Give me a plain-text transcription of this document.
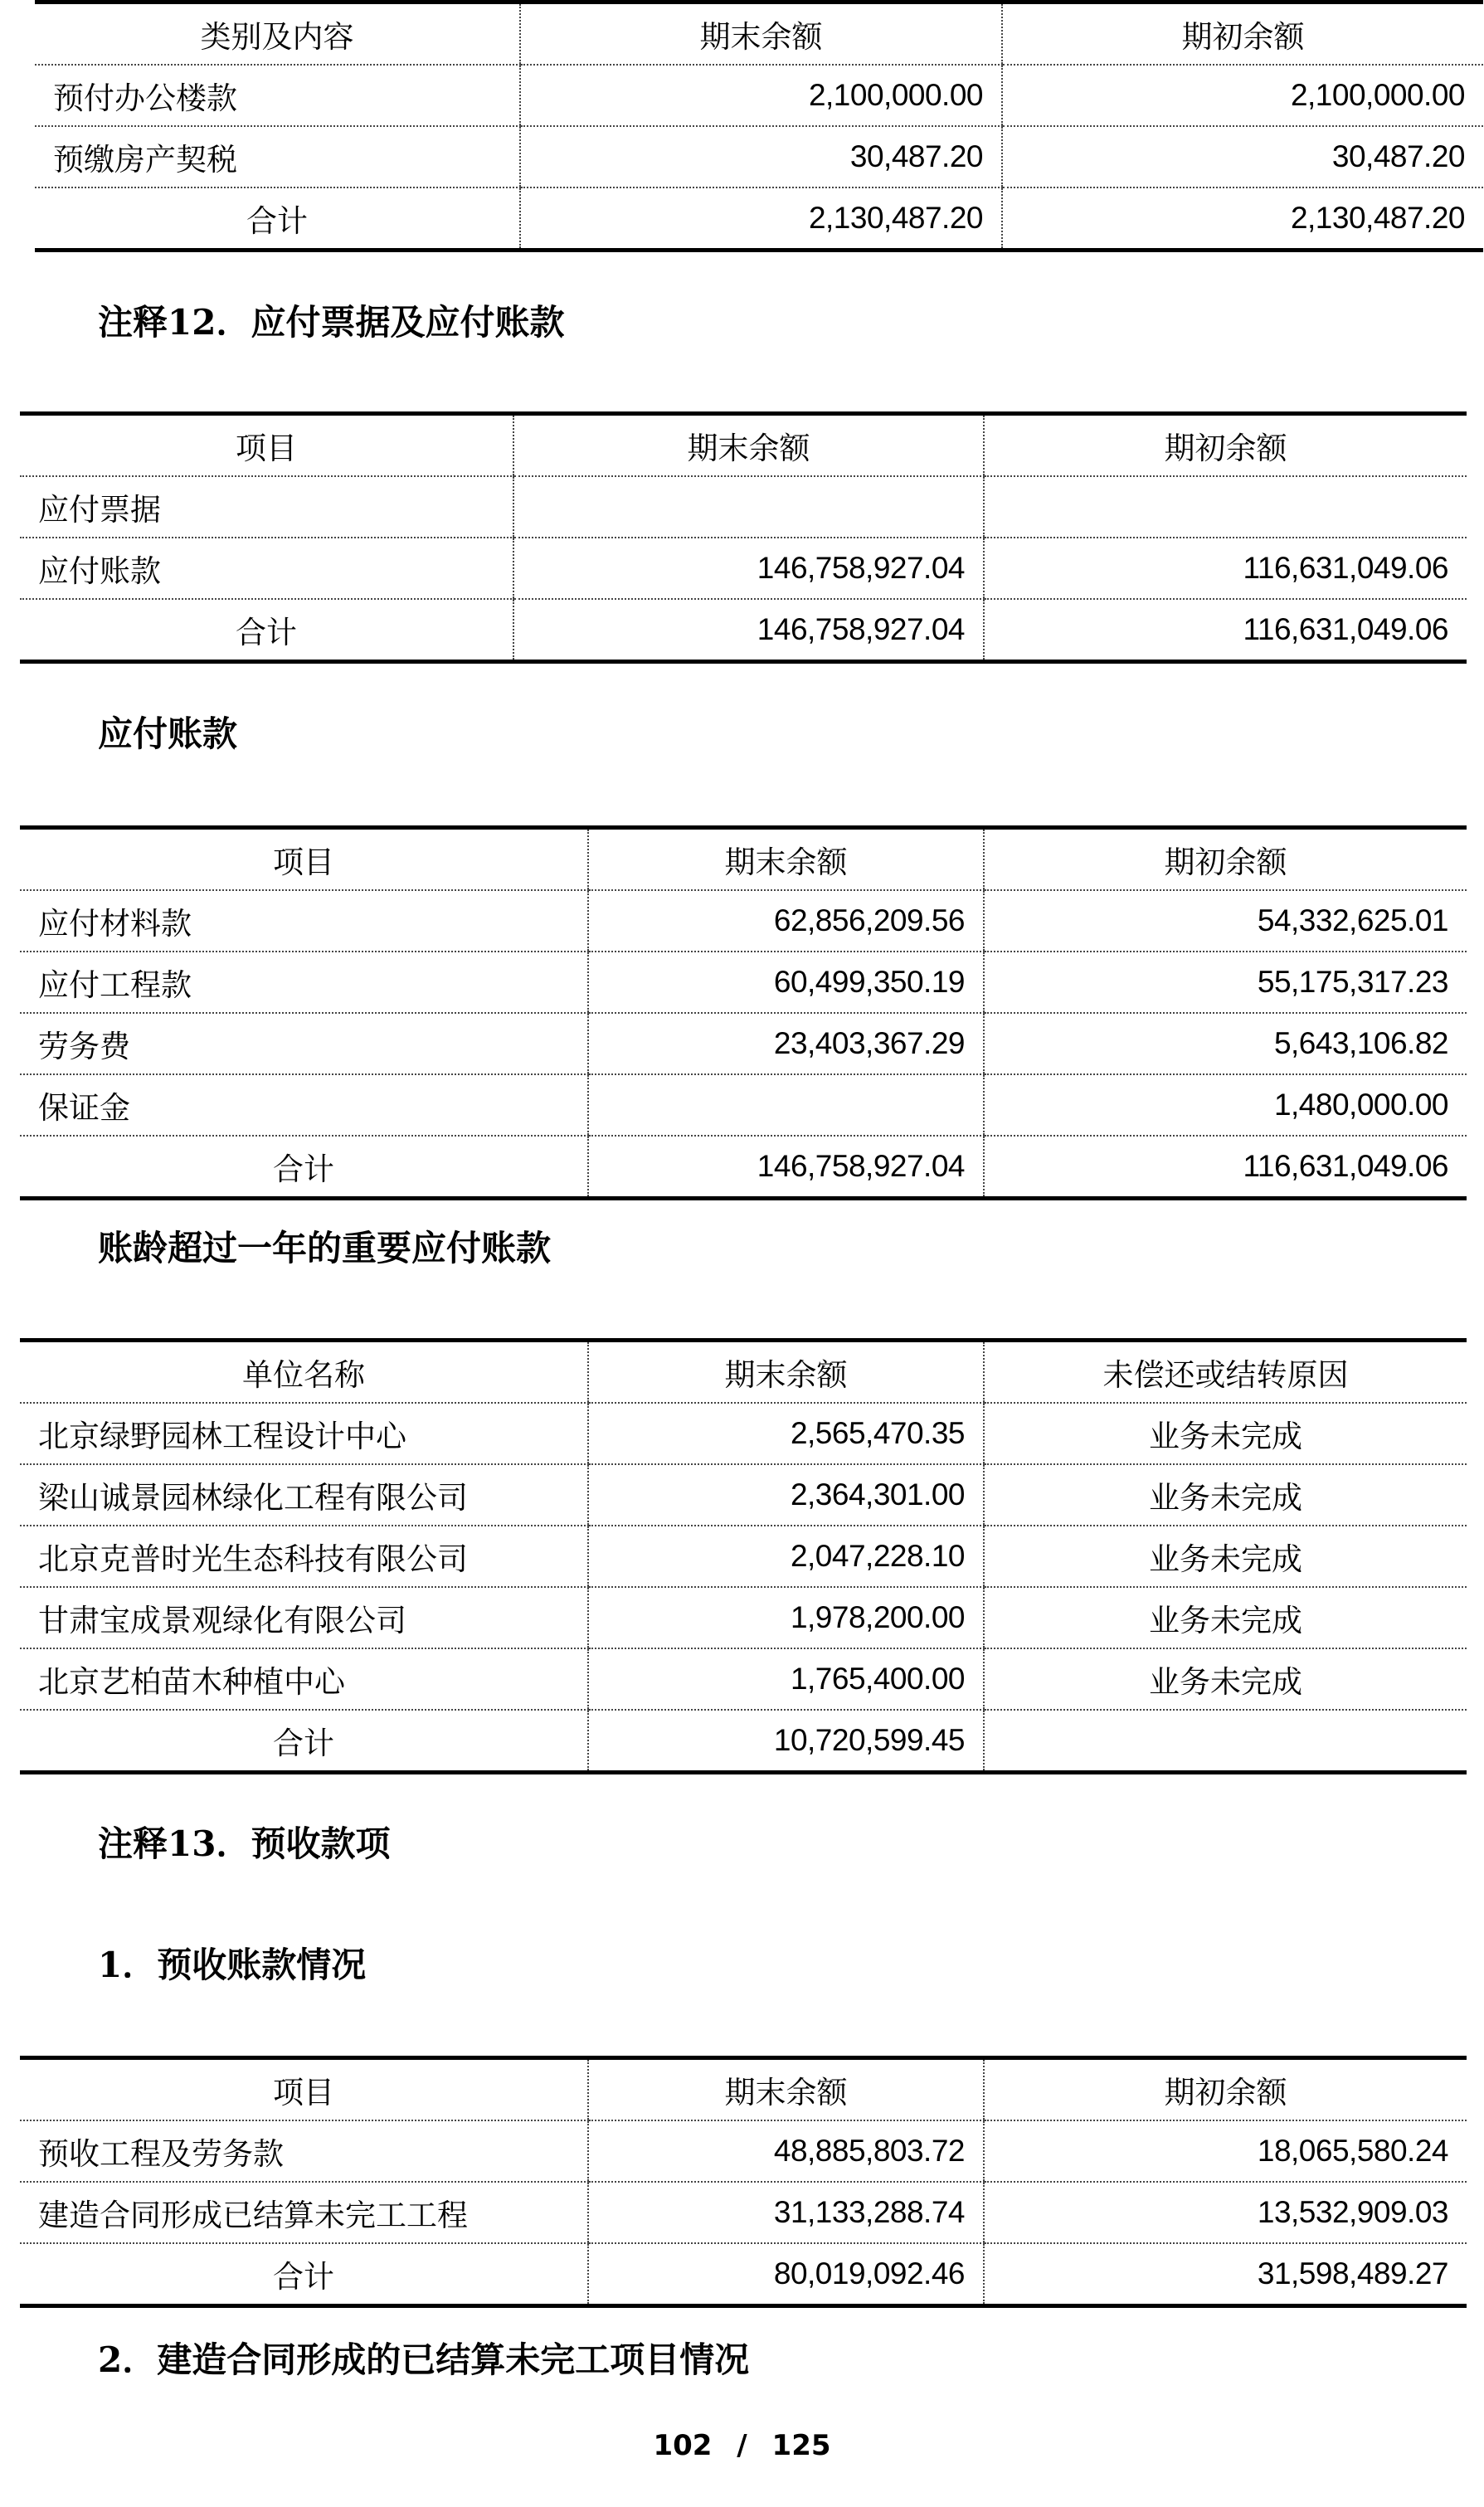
类别及内容	期末余额	期初余额
预付办公楼款	2,100,000.00	2,100,000.00
预缴房产契税	30,487.20	30,487.20
合计	2,130,487.20	2,130,487.20
注释12．应付票据及应付账款
项目	期末余额	期初余额
应付票据		
应付账款	146,758,927.04	116,631,049.06
合计	146,758,927.04	116,631,049.06
应付账款
项目	期末余额	期初余额
应付材料款	62,856,209.56	54,332,625.01
应付工程款	60,499,350.19	55,175,317.23
劳务费	23,403,367.29	5,643,106.82
保证金		1,480,000.00
合计	146,758,927.04	116,631,049.06
账龄超过一年的重要应付账款
单位名称	期末余额	未偿还或结转原因
北京绿野园林工程设计中心	2,565,470.35	业务未完成
梁山诚景园林绿化工程有限公司	2,364,301.00	业务未完成
北京克普时光生态科技有限公司	2,047,228.10	业务未完成
甘肃宝成景观绿化有限公司	1,978,200.00	业务未完成
北京艺柏苗木种植中心	1,765,400.00	业务未完成
合计	10,720,599.45	
注释13．预收款项
1．预收账款情况
项目	期末余额	期初余额
预收工程及劳务款	48,885,803.72	18,065,580.24
建造合同形成已结算未完工工程	31,133,288.74	13,532,909.03
合计	80,019,092.46	31,598,489.27
2．建造合同形成的已结算未完工项目情况
102 / 125
